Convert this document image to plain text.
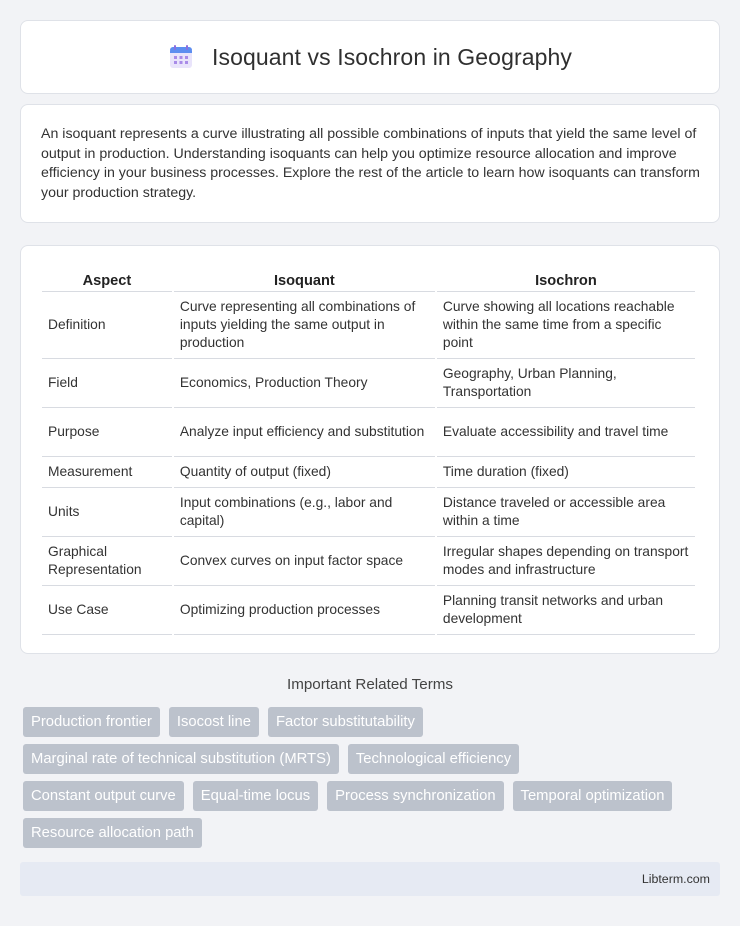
Isoquant vs Isochron in Geography

An isoquant represents a curve illustrating all possible combinations of inputs that yield the same level of output in production. Understanding isoquants can help you optimize resource allocation and improve efficiency in your business processes. Explore the rest of the article to learn how isoquants can transform your production strategy.

Aspect	Isoquant	Isochron
Definition	Curve representing all combinations of inputs yielding the same output in production	Curve showing all locations reachable within the same time from a specific point
Field	Economics, Production Theory	Geography, Urban Planning, Transportation
Purpose	Analyze input efficiency and substitution	Evaluate accessibility and travel time
Measurement	Quantity of output (fixed)	Time duration (fixed)
Units	Input combinations (e.g., labor and capital)	Distance traveled or accessible area within a time
Graphical Representation	Convex curves on input factor space	Irregular shapes depending on transport modes and infrastructure
Use Case	Optimizing production processes	Planning transit networks and urban development
Important Related Terms
Production frontier	Isocost line	Factor substitutability
Marginal rate of technical substitution (MRTS)	Technological efficiency
Constant output curve	Equal-time locus	Process synchronization	Temporal optimization
Resource allocation path
Libterm.com
